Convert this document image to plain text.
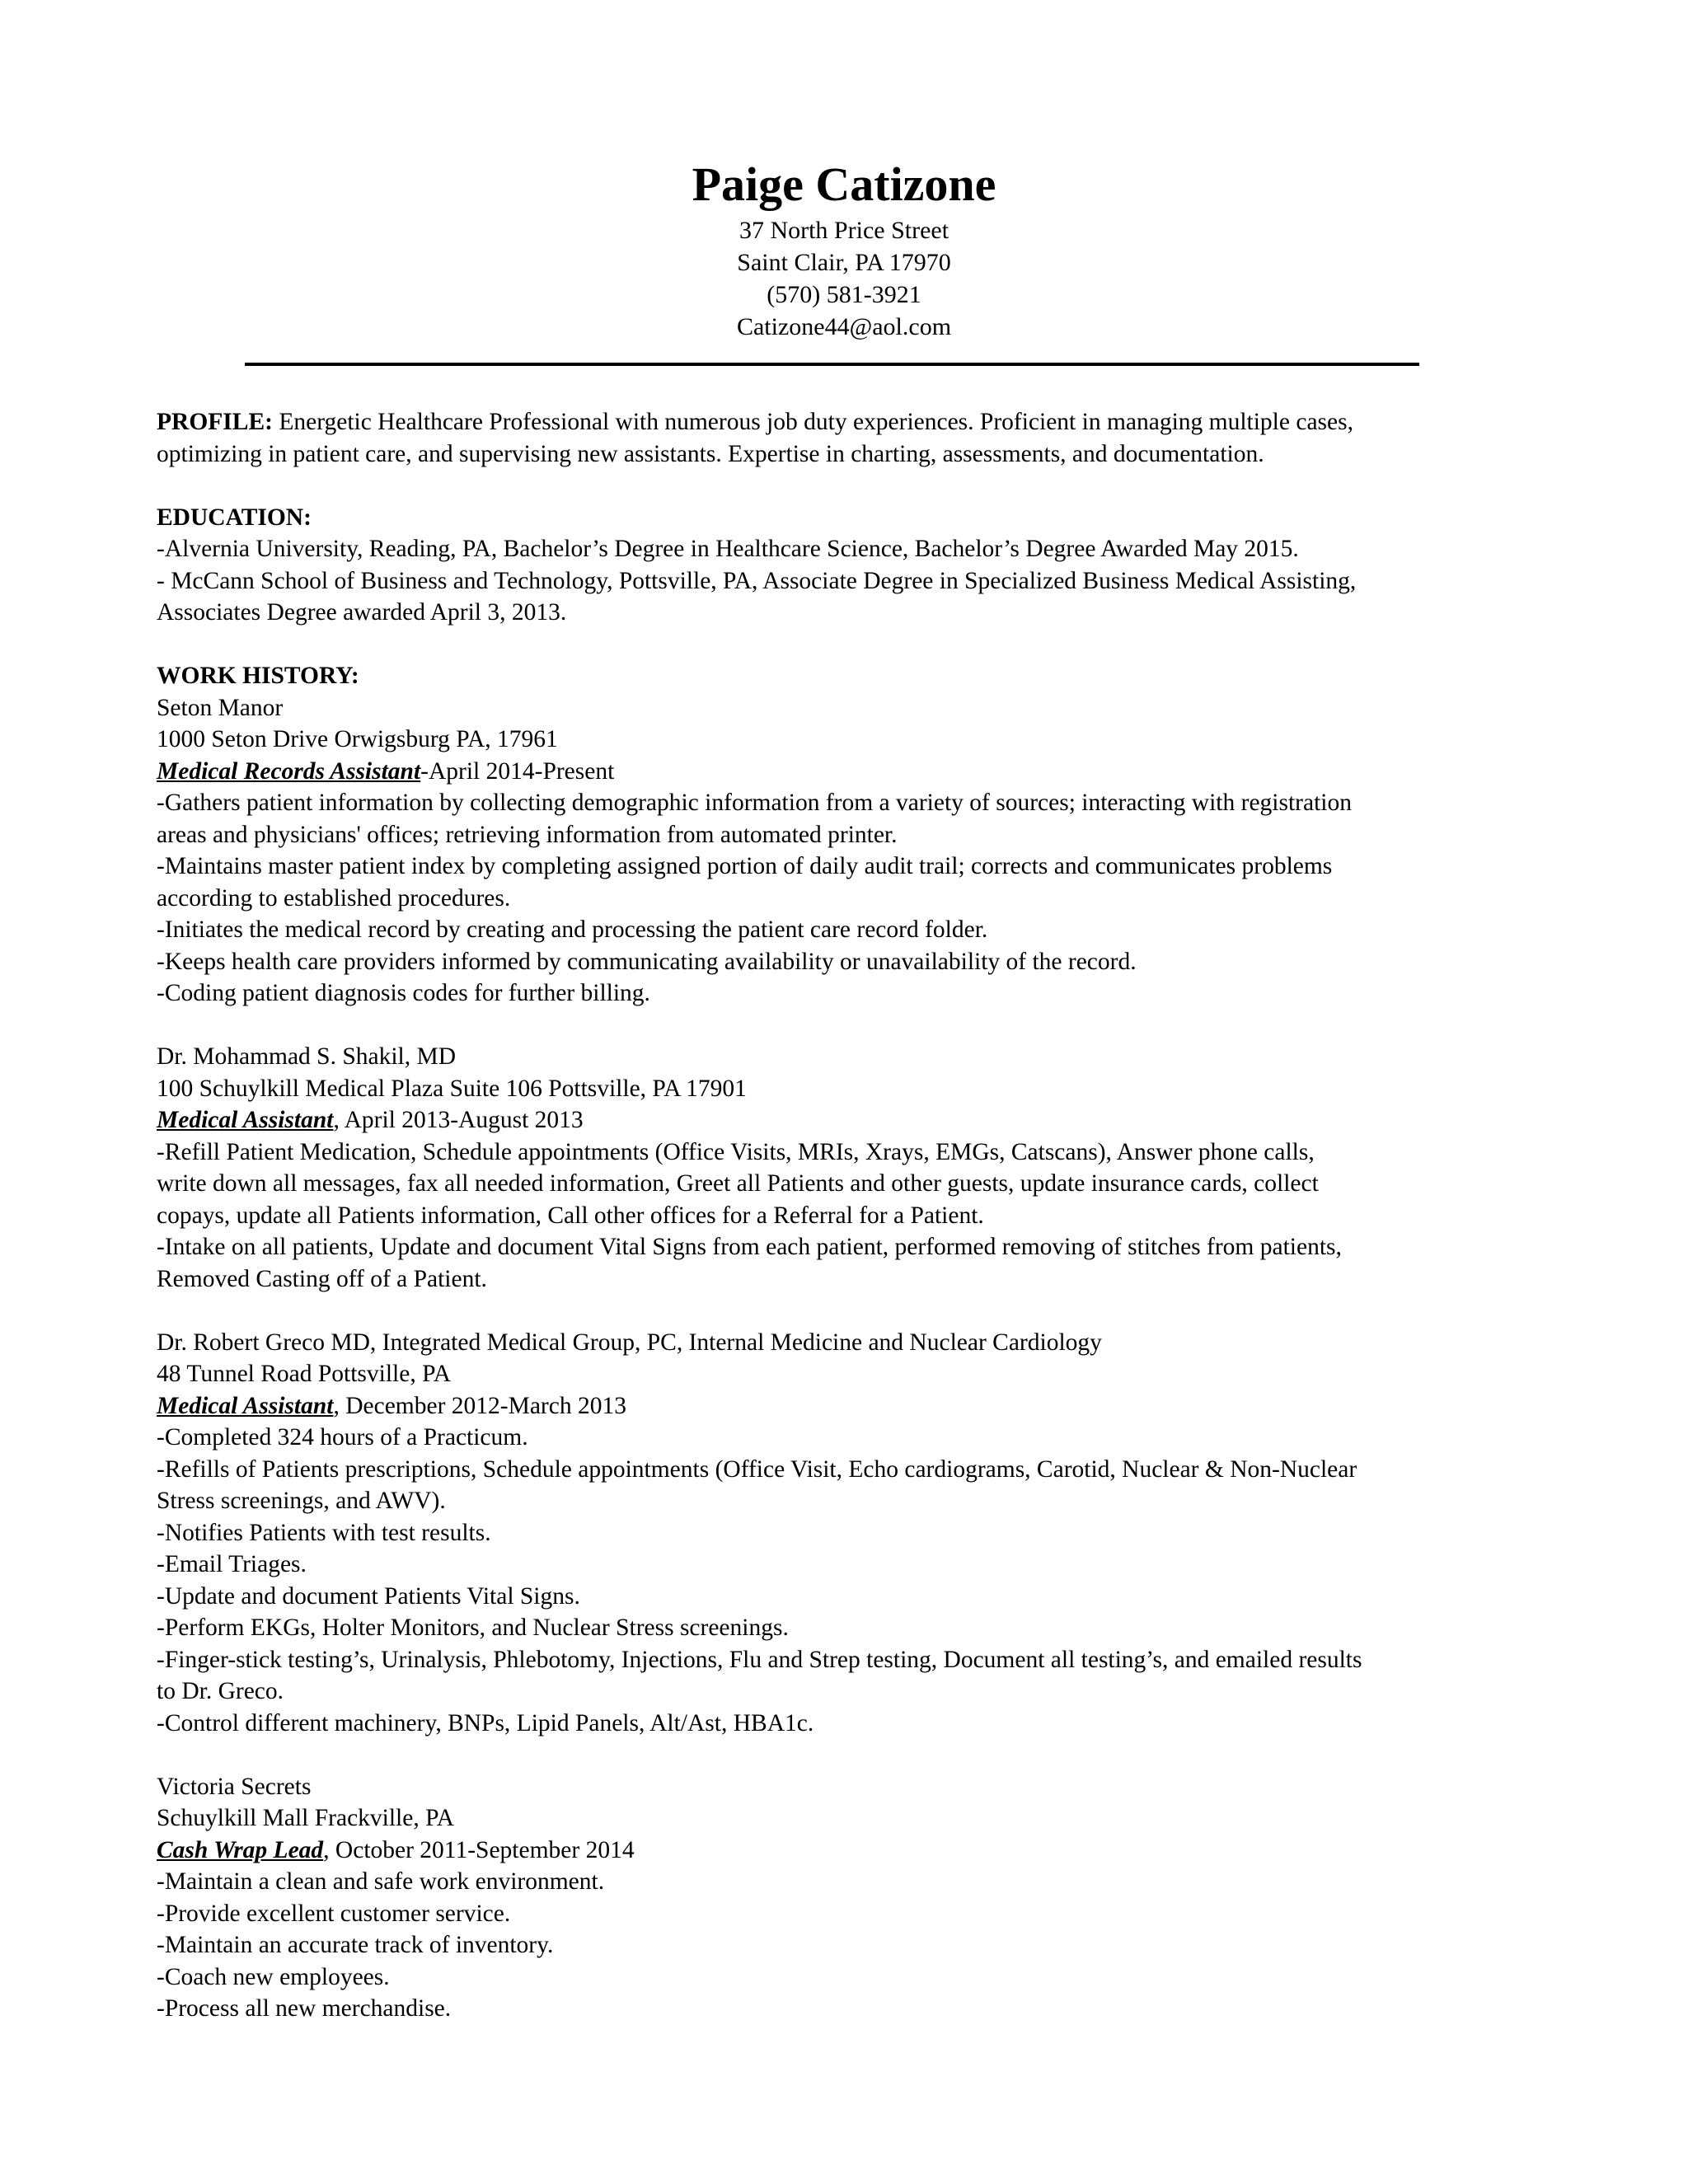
Paige Catizone
37 North Price Street
Saint Clair, PA 17970
(570) 581-3921
Catizone44@aol.com
PROFILE: Energetic Healthcare Professional with numerous job duty experiences. Proficient in managing multiple cases,
optimizing in patient care, and supervising new assistants. Expertise in charting, assessments, and documentation.
EDUCATION:
-Alvernia University, Reading, PA, Bachelor’s Degree in Healthcare Science, Bachelor’s Degree Awarded May 2015.
- McCann School of Business and Technology, Pottsville, PA, Associate Degree in Specialized Business Medical Assisting,
Associates Degree awarded April 3, 2013.
WORK HISTORY:
Seton Manor
1000 Seton Drive Orwigsburg PA, 17961
Medical Records Assistant-April 2014-Present
-Gathers patient information by collecting demographic information from a variety of sources; interacting with registration
areas and physicians' offices; retrieving information from automated printer.
-Maintains master patient index by completing assigned portion of daily audit trail; corrects and communicates problems
according to established procedures.
-Initiates the medical record by creating and processing the patient care record folder.
-Keeps health care providers informed by communicating availability or unavailability of the record.
-Coding patient diagnosis codes for further billing.
Dr. Mohammad S. Shakil, MD
100 Schuylkill Medical Plaza Suite 106 Pottsville, PA 17901
Medical Assistant, April 2013-August 2013
-Refill Patient Medication, Schedule appointments (Office Visits, MRIs, Xrays, EMGs, Catscans), Answer phone calls,
write down all messages, fax all needed information, Greet all Patients and other guests, update insurance cards, collect
copays, update all Patients information, Call other offices for a Referral for a Patient.
-Intake on all patients, Update and document Vital Signs from each patient, performed removing of stitches from patients,
Removed Casting off of a Patient.
Dr. Robert Greco MD, Integrated Medical Group, PC, Internal Medicine and Nuclear Cardiology
48 Tunnel Road Pottsville, PA
Medical Assistant, December 2012-March 2013
-Completed 324 hours of a Practicum.
-Refills of Patients prescriptions, Schedule appointments (Office Visit, Echo cardiograms, Carotid, Nuclear & Non-Nuclear
Stress screenings, and AWV).
-Notifies Patients with test results.
-Email Triages.
-Update and document Patients Vital Signs.
-Perform EKGs, Holter Monitors, and Nuclear Stress screenings.
-Finger-stick testing’s, Urinalysis, Phlebotomy, Injections, Flu and Strep testing, Document all testing’s, and emailed results
to Dr. Greco.
-Control different machinery, BNPs, Lipid Panels, Alt/Ast, HBA1c.
Victoria Secrets
Schuylkill Mall Frackville, PA
Cash Wrap Lead, October 2011-September 2014
-Maintain a clean and safe work environment.
-Provide excellent customer service.
-Maintain an accurate track of inventory.
-Coach new employees.
-Process all new merchandise.
